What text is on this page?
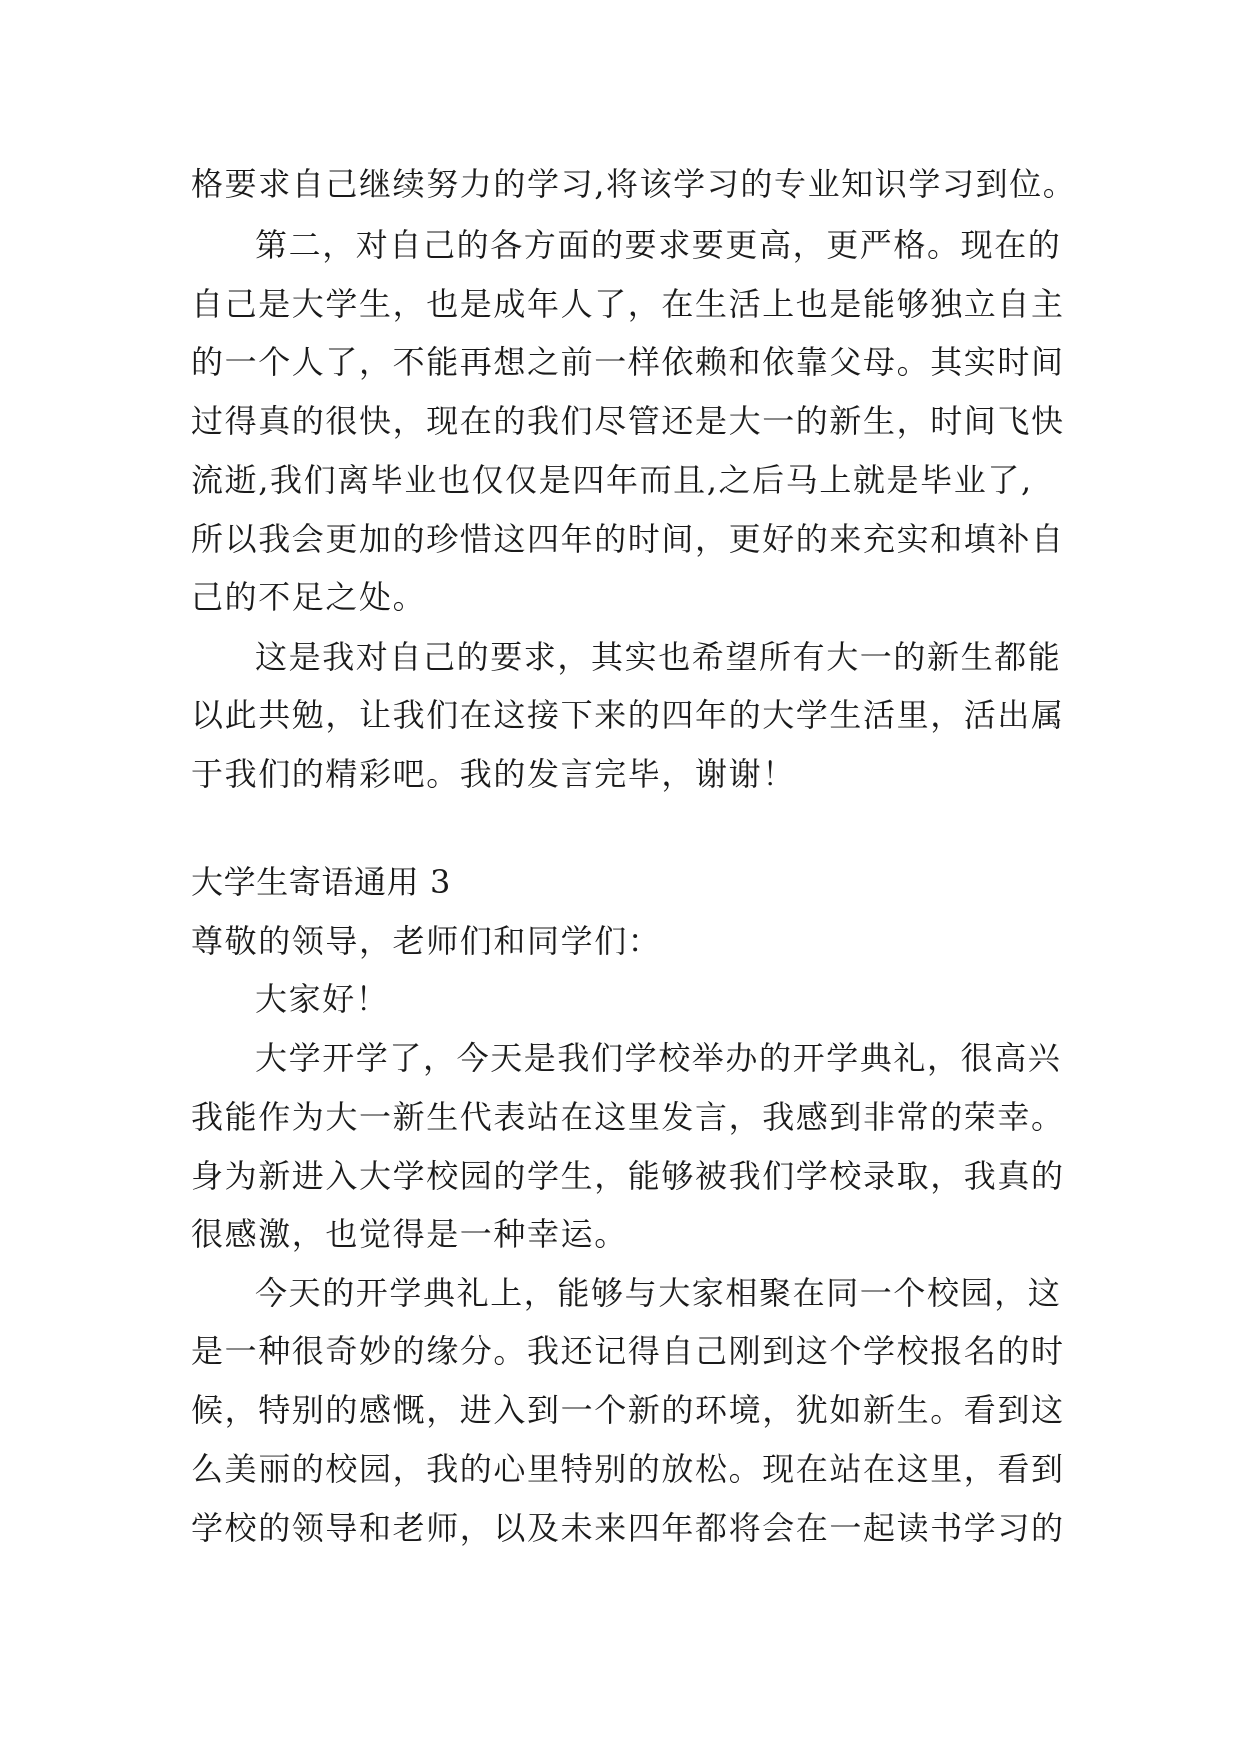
格要求自己继续努力的学习,将该学习的专业知识学习到位。
第二，对自己的各方面的要求要更高，更严格。现在的
自己是大学生，也是成年人了，在生活上也是能够独立自主
的一个人了，不能再想之前一样依赖和依靠父母。其实时间
过得真的很快，现在的我们尽管还是大一的新生，时间飞快
流逝,我们离毕业也仅仅是四年而且,之后马上就是毕业了,
所以我会更加的珍惜这四年的时间，更好的来充实和填补自
己的不足之处。
这是我对自己的要求，其实也希望所有大一的新生都能
以此共勉，让我们在这接下来的四年的大学生活里，活出属
于我们的精彩吧。我的发言完毕，谢谢！
大学生寄语通用 3
尊敬的领导，老师们和同学们：
大家好！
大学开学了，今天是我们学校举办的开学典礼，很高兴
我能作为大一新生代表站在这里发言，我感到非常的荣幸。
身为新进入大学校园的学生，能够被我们学校录取，我真的
很感激，也觉得是一种幸运。
今天的开学典礼上，能够与大家相聚在同一个校园，这
是一种很奇妙的缘分。我还记得自己刚到这个学校报名的时
候，特别的感慨，进入到一个新的环境，犹如新生。看到这
么美丽的校园，我的心里特别的放松。现在站在这里，看到
学校的领导和老师，以及未来四年都将会在一起读书学习的
